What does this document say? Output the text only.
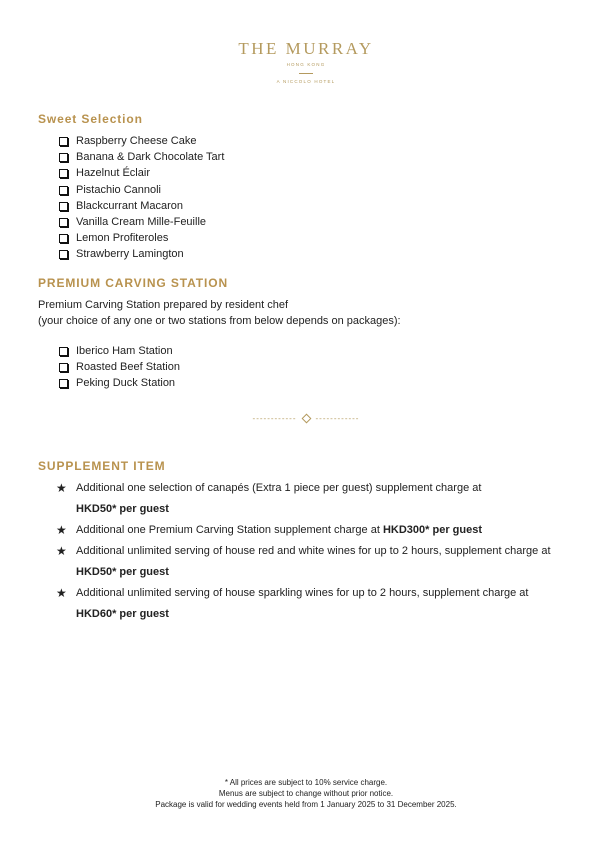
THE MURRAY
HONG KONG
A NICCOLO HOTEL
Sweet Selection
Raspberry Cheese Cake
Banana & Dark Chocolate Tart
Hazelnut Éclair
Pistachio Cannoli
Blackcurrant Macaron
Vanilla Cream Mille-Feuille
Lemon Profiteroles
Strawberry Lamington
PREMIUM CARVING STATION
Premium Carving Station prepared by resident chef
(your choice of any one or two stations from below depends on packages):
Iberico Ham Station
Roasted Beef Station
Peking Duck Station
------------ ------------
SUPPLEMENT ITEM
★ Additional one selection of canapés (Extra 1 piece per guest) supplement charge at
HKD50* per guest
★ Additional one Premium Carving Station supplement charge at HKD300* per guest
★ Additional unlimited serving of house red and white wines for up to 2 hours, supplement charge at HKD50* per guest
★ Additional unlimited serving of house sparkling wines for up to 2 hours, supplement charge at HKD60* per guest
* All prices are subject to 10% service charge.
Menus are subject to change without prior notice.
Package is valid for wedding events held from 1 January 2025 to 31 December 2025.
